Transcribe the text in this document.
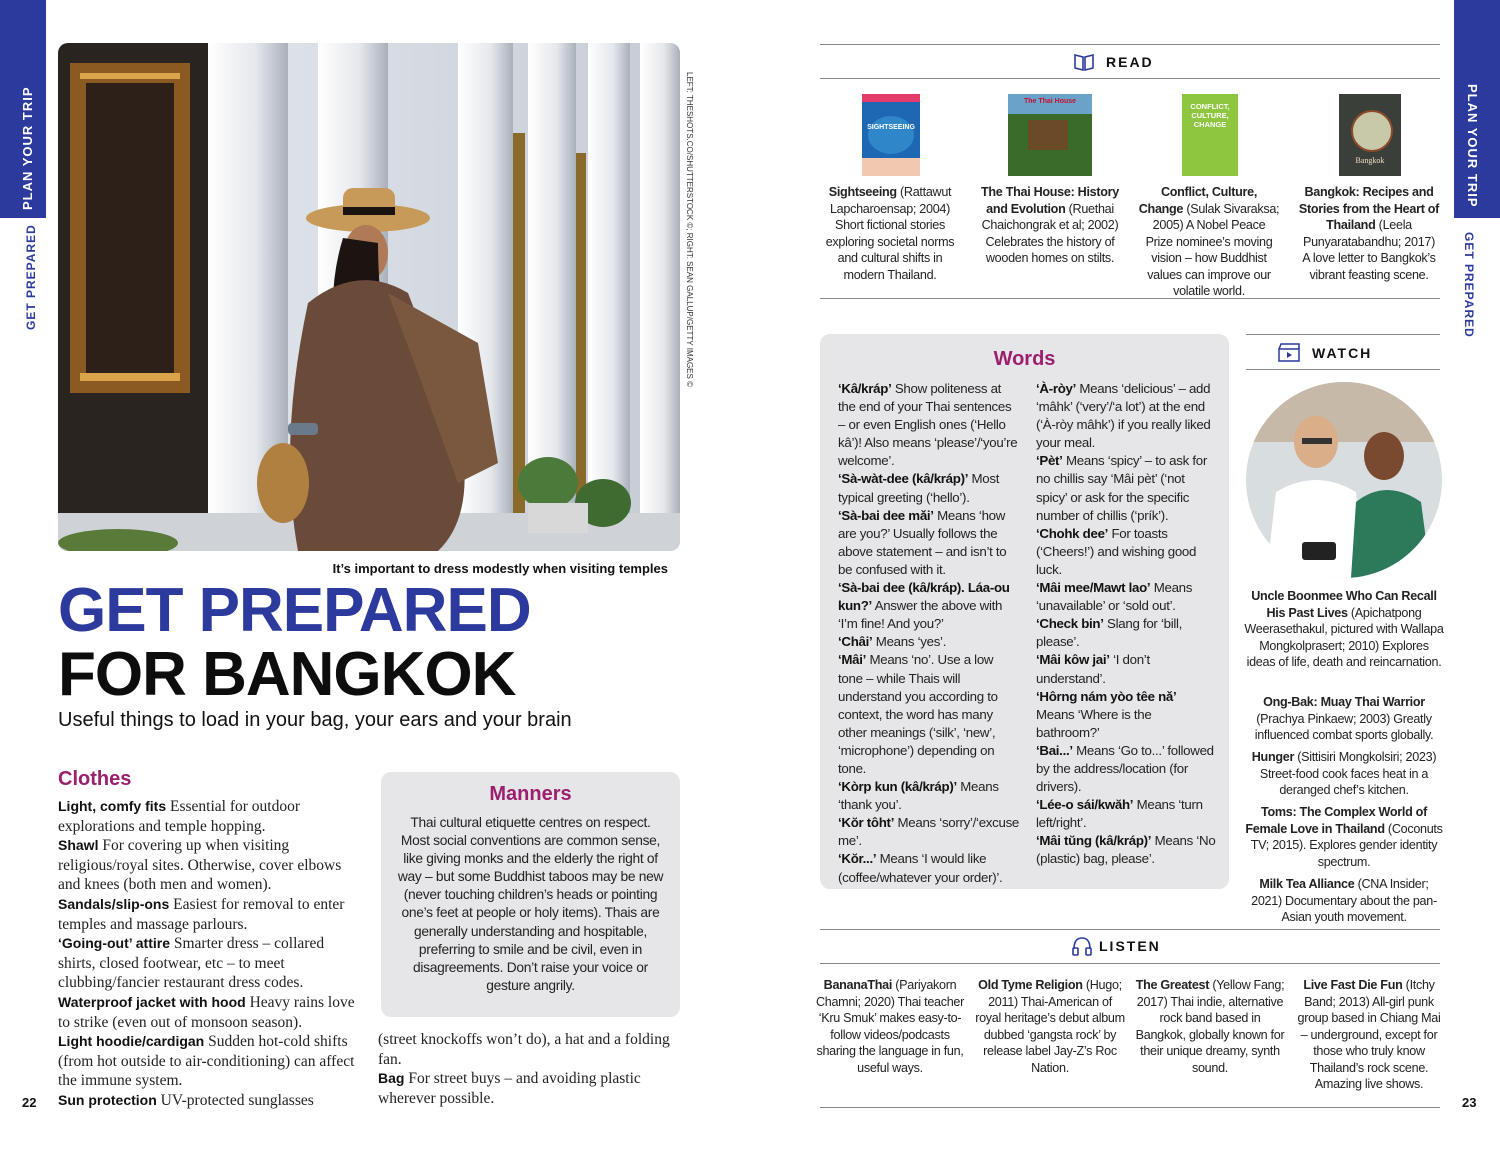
PLAN YOUR TRIP
GET PREPARED
22
PLAN YOUR TRIP
GET PREPARED
23
LEFT: THESHOTS.CO/SHUTTERSTOCK ©; RIGHT: SEAN GALLUP/GETTY IMAGES ©
It’s important to dress modestly when visiting temples
GET PREPARED
FOR BANGKOK
Useful things to load in your bag, your ears and your brain
Clothes
Light, comfy fits Essential for outdoor explorations and temple hopping.
Shawl For covering up when visiting religious/royal sites. Otherwise, cover elbows and knees (both men and women).
Sandals/slip-ons Easiest for removal to enter temples and massage parlours.
‘Going-out’ attire Smarter dress – collared shirts, closed footwear, etc – to meet clubbing/fancier restaurant dress codes.
Waterproof jacket with hood Heavy rains love to strike (even out of monsoon season).
Light hoodie/cardigan Sudden hot-cold shifts (from hot outside to air-conditioning) can affect the immune system.
Sun protection UV-protected sunglasses
(street knockoffs won’t do), a hat and a folding fan.
Bag For street buys – and avoiding plastic wherever possible.
Manners
Thai cultural etiquette centres on respect. Most social conventions are common sense, like giving monks and the elderly the right of way – but some Buddhist taboos may be new (never touching children’s heads or pointing one’s feet at people or holy items). Thais are generally understanding and hospitable, preferring to smile and be civil, even in disagreements. Don’t raise your voice or gesture angrily.
READ
SIGHTSEEING
The Thai House
CONFLICT, CULTURE, CHANGE
Bangkok
Sightseeing (Rattawut Lapcharoensap; 2004) Short fictional stories exploring societal norms and cultural shifts in modern Thailand.
The Thai House: History and Evolution (Ruethai Chaichongrak et al; 2002) Celebrates the history of wooden homes on stilts.
Conflict, Culture, Change (Sulak Sivaraksa; 2005) A Nobel Peace Prize nominee’s moving vision – how Buddhist values can improve our volatile world.
Bangkok: Recipes and Stories from the Heart of Thailand (Leela Punyaratabandhu; 2017) A love letter to Bangkok’s vibrant feasting scene.
Words
‘Kâ/kráp’ Show politeness at the end of your Thai sentences – or even English ones (‘Hello kâ’)! Also means ‘please’/‘you’re welcome’.
‘Sà-wàt-dee (kâ/kráp)’ Most typical greeting (‘hello’).
‘Sà-bai dee mǎi’ Means ‘how are you?’ Usually follows the above statement – and isn’t to be confused with it.
‘Sà-bai dee (kâ/kráp). Láa-ou kun?’ Answer the above with ‘I’m fine! And you?’
‘Châi’ Means ‘yes’.
‘Mâi’ Means ‘no’. Use a low tone – while Thais will understand you according to context, the word has many other meanings (‘silk’, ‘new’, ‘microphone’) depending on tone.
‘Kòrp kun (kâ/kráp)’ Means ‘thank you’.
‘Kŏr tôht’ Means ‘sorry’/‘excuse me’.
‘Kŏr...’ Means ‘I would like (coffee/whatever your order)’.
‘À-ròy’ Means ‘delicious’ – add ‘mâhk’ (‘very’/‘a lot’) at the end (‘À-ròy mâhk’) if you really liked your meal.
‘Pèt’ Means ‘spicy’ – to ask for no chillis say ‘Mâi pèt’ (‘not spicy’ or ask for the specific number of chillis (‘prík’).
‘Chohk dee’ For toasts (‘Cheers!’) and wishing good luck.
‘Mâi mee/Mawt lao’ Means ‘unavailable’ or ‘sold out’.
‘Check bin’ Slang for ‘bill, please’.
‘Mâi kôw jai’ ‘I don’t understand’.
‘Hôrng nám yòo têe nǎ’ Means ‘Where is the bathroom?’
‘Bai...’ Means ‘Go to...’ followed by the address/location (for drivers).
‘Lée-o sái/kwăh’ Means ‘turn left/right’.
‘Mâi tŭng (kâ/kráp)’ Means ‘No (plastic) bag, please’.
WATCH
Uncle Boonmee Who Can Recall His Past Lives (Apichatpong Weerasethakul, pictured with Wallapa Mongkolprasert; 2010) Explores ideas of life, death and reincarnation.
Ong-Bak: Muay Thai Warrior (Prachya Pinkaew; 2003) Greatly influenced combat sports globally.
Hunger (Sittisiri Mongkolsiri; 2023) Street-food cook faces heat in a deranged chef’s kitchen.
Toms: The Complex World of Female Love in Thailand (Coconuts TV; 2015). Explores gender identity spectrum.
Milk Tea Alliance (CNA Insider; 2021) Documentary about the pan-Asian youth movement.
LISTEN
BananaThai (Pariyakorn Chamni; 2020) Thai teacher ‘Kru Smuk’ makes easy-to-follow videos/podcasts sharing the language in fun, useful ways.
Old Tyme Religion (Hugo; 2011) Thai-American of royal heritage’s debut album dubbed ‘gangsta rock’ by release label Jay-Z’s Roc Nation.
The Greatest (Yellow Fang; 2017) Thai indie, alternative rock band based in Bangkok, globally known for their unique dreamy, synth sound.
Live Fast Die Fun (Itchy Band; 2013) All-girl punk group based in Chiang Mai – underground, except for those who truly know Thailand’s rock scene. Amazing live shows.
